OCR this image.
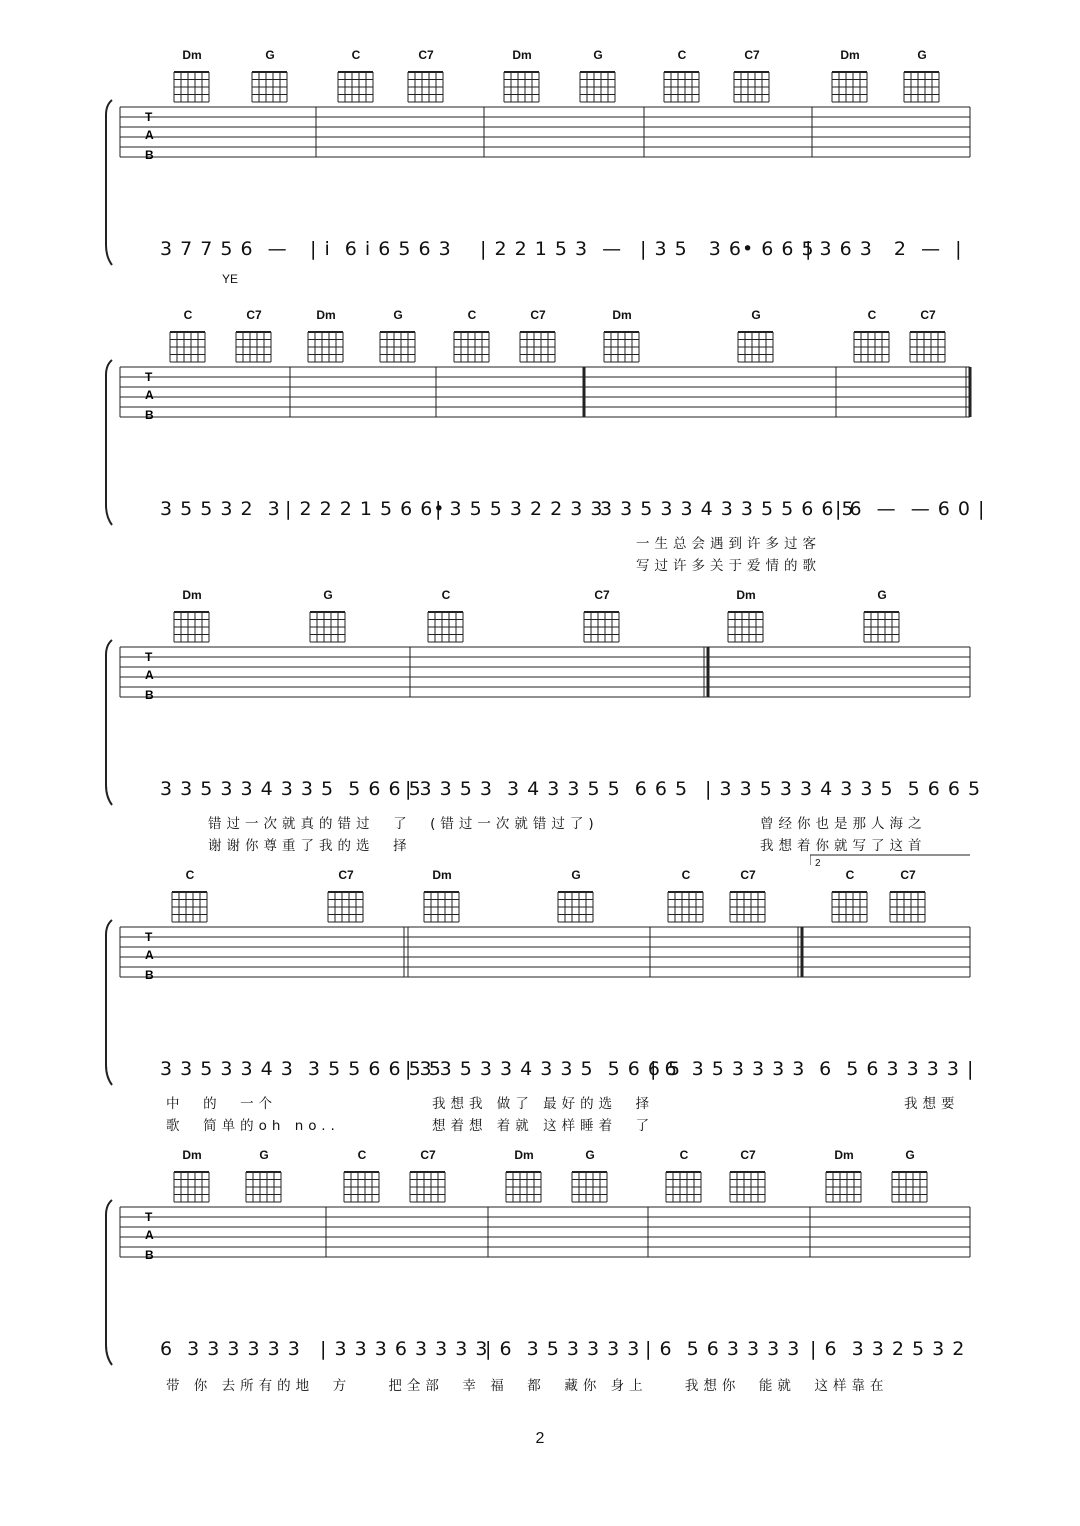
T
A
B
Dm	G	C	C7	Dm	G	C	C7	Dm	G

3 7 7 5 6  —

| i  6 i 6 5 6 3

| 2 2 1 5 3  —

| 3 5   3 6• 6 6 5

| 3 6 3   2  —  |

YE
T
A
B
C	C7	Dm	G	C	C7	Dm	G	C	C7

3 5 5 3 2  3

| 2 2 2 1 5 6 6•

| 3 5 5 3 2 2 3 3

3 3 5 3 3 4 3 3 5 5 6 6 5

| 6  —  — 6 0 |

一生总会遇到许多过客
写过许多关于爱情的歌
T
A
B
Dm	G	C	C7	Dm	G

3 3 5 3 3 4 3 3 5  5 6 6 5

| 3 3 5 3  3 4 3 3 5 5  6 6 5

| 3 3 5 3 3 4 3 3 5  5 6 6 5

错过一次就真的错过  了  (错过一次就错过了)	曾经你也是那人海之
谢谢你尊重了我的选  择	我想着你就写了这首
2
T
A
B
C	C7	Dm	G	C	C7	C	C7

3 3 5 3 3 4 3  3 5 5 6 6 5 5

| 3 3 5 3 3 4 3 3 5  5 6 6 5

| 6  3 5 3 3 3 3

6  5 6 3 3 3 3 |

中  的  一个	我想我 做了 最好的选  择	我想要
歌  简单的oh no..	想着想 着就 这样睡着  了
T
A
B
Dm	G	C	C7	Dm	G	C	C7	Dm	G

6  3 3 3 3 3 3

| 3 3 3 6 3 3 3 3

| 6  3 5 3 3 3 3

| 6  5 6 3 3 3 3

| 6  3 3 2 5 3 2

带 你 去所有的地  方    把全部  幸 福  都  藏你 身上    我想你  能就  这样靠在
2
